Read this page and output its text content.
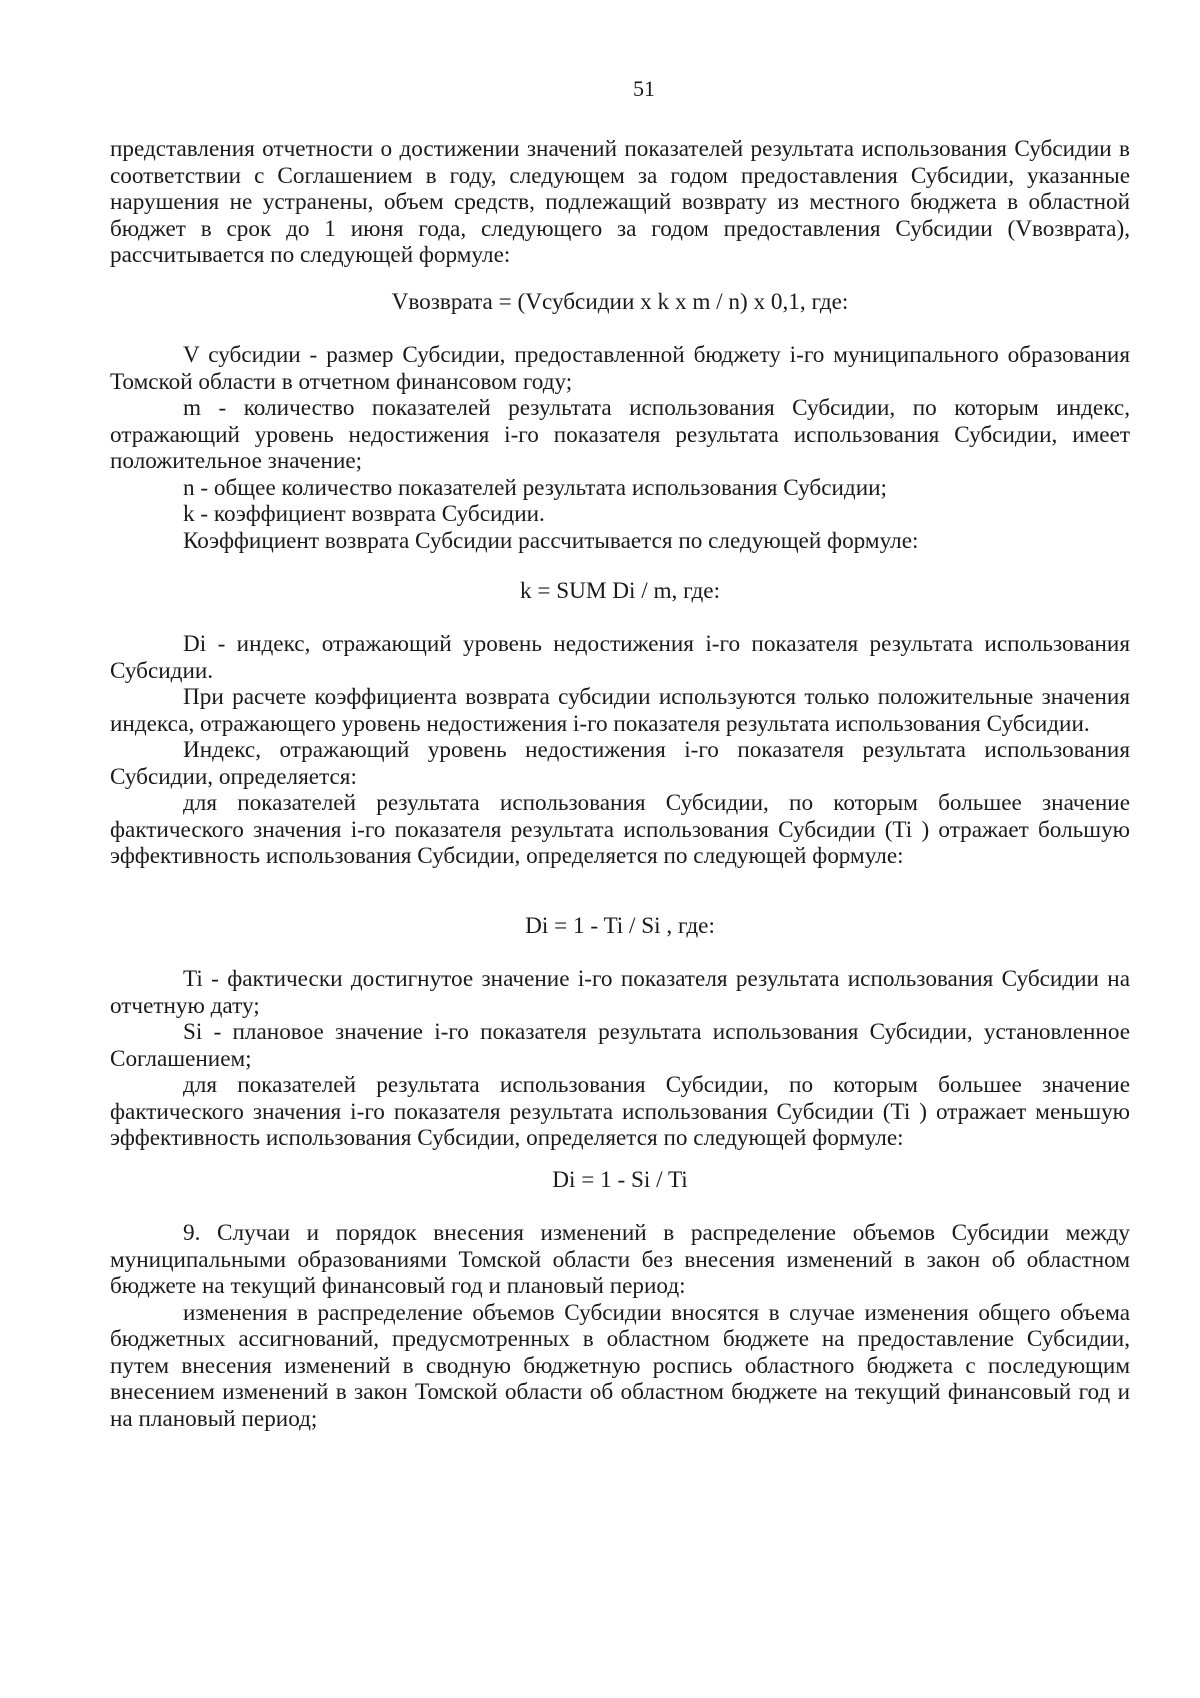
51

представления отчетности о достижении значений показателей результата использования Субсидии в соответствии с Соглашением в году, следующем за годом предоставления Субсидии, указанные нарушения не устранены, объем средств, подлежащий возврату из местного бюджета в областной бюджет в срок до 1 июня года, следующего за годом предоставления Субсидии (Vвозврата), рассчитывается по следующей формуле:

Vвозврата = (Vсубсидии x k x m / n) x 0,1, где:

V субсидии - размер Субсидии, предоставленной бюджету i-го муниципального образования Томской области в отчетном финансовом году;

m - количество показателей результата использования Субсидии, по которым индекс, отражающий уровень недостижения i-го показателя результата использования Субсидии, имеет положительное значение;

n - общее количество показателей результата использования Субсидии;

k - коэффициент возврата Субсидии.

Коэффициент возврата Субсидии рассчитывается по следующей формуле:

k = SUM Di / m, где:

Di - индекс, отражающий уровень недостижения i-го показателя результата использования Субсидии.

При расчете коэффициента возврата субсидии используются только положительные значения индекса, отражающего уровень недостижения i-го показателя результата использования Субсидии.

Индекс, отражающий уровень недостижения i-го показателя результата использования Субсидии, определяется:

для показателей результата использования Субсидии, по которым большее значение фактического значения i-го показателя результата использования Субсидии (Ti ) отражает большую эффективность использования Субсидии, определяется по следующей формуле:

Di = 1 - Ti / Si , где:

Ti - фактически достигнутое значение i-го показателя результата использования Субсидии на отчетную дату;

Si - плановое значение i-го показателя результата использования Субсидии, установленное Соглашением;

для показателей результата использования Субсидии, по которым большее значение фактического значения i-го показателя результата использования Субсидии (Ti ) отражает меньшую эффективность использования Субсидии, определяется по следующей формуле:

Di = 1 - Si / Ti

9. Случаи и порядок внесения изменений в распределение объемов Субсидии между муниципальными образованиями Томской области без внесения изменений в закон об областном бюджете на текущий финансовый год и плановый период:

изменения в распределение объемов Субсидии вносятся в случае изменения общего объема бюджетных ассигнований, предусмотренных в областном бюджете на предоставление Субсидии, путем внесения изменений в сводную бюджетную роспись областного бюджета с последующим внесением изменений в закон Томской области об областном бюджете на текущий финансовый год и на плановый период;
